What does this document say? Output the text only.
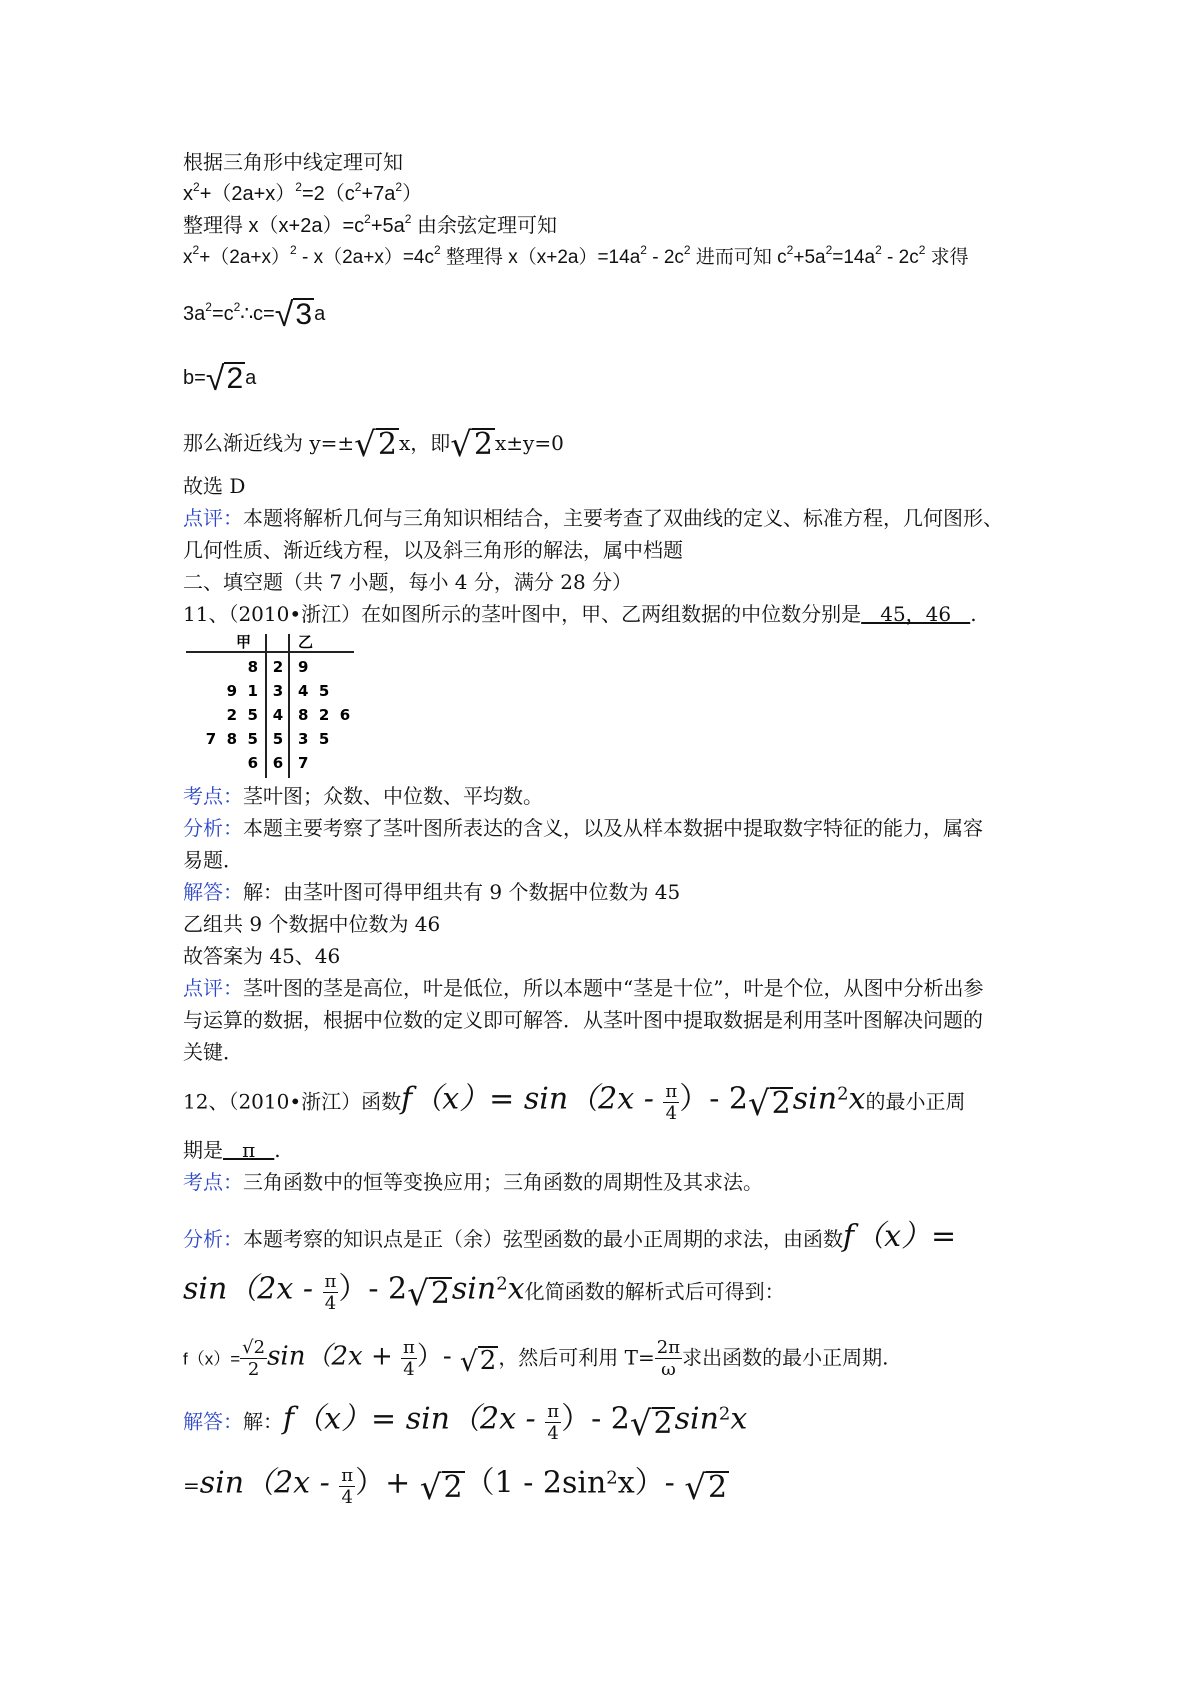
根据三角形中线定理可知
$x^2+(2a+x)^2=2(c^2+7a^2)$
整理得 $x(x+2a)=c^2+5a^2$ 由余弦定理可知
$x^2+(2a+x)^2 - x(2a+x)=4c^2$ 整理得 $x(x+2a)=14a^2 - 2c^2$ 进而可知 $c^2+5a^2=14a^2 - 2c^2$ 求得
$3a^2=c^2\therefore c=√3$ a
b=√2 a
那么渐近线为 y=±√2 x，即√2 x±y=0
故选 D
点评：本题将解析几何与三角知识相结合，主要考查了双曲线的定义、标准方程，几何图形、
几何性质、渐近线方程，以及斜三角形的解法，属中档题
二、填空题（共 7 小题，每小 4 分，满分 28 分）
11、（2010•浙江）在如图所示的茎叶图中，甲、乙两组数据的中位数分别是   45，46   .
甲	乙
8 2 9
9  1 3 4  5
2  5 4 8  2  6
7  8  5 5 3  5
6 6 7
考点：茎叶图；众数、中位数、平均数。
分析：本题主要考察了茎叶图所表达的含义，以及从样本数据中提取数字特征的能力，属容
易题．
解答：解：由茎叶图可得甲组共有 9 个数据中位数为 45
乙组共 9 个数据中位数为 46
故答案为 45、46
点评：茎叶图的茎是高位，叶是低位，所以本题中“茎是十位”，叶是个位，从图中分析出参
与运算的数据，根据中位数的定义即可解答．从茎叶图中提取数据是利用茎叶图解决问题的
关键．
12、（2010•浙江）函数$f(x)= \sin(2x - \frac{\pi}{4}$ ）- $2√2\sin^2x$的最小正周
期是   π   .
考点：三角函数中的恒等变换应用；三角函数的周期性及其求法。
分析：本题考察的知识点是正（余）弦型函数的最小正周期的求法，由函数f（x）=
$\sin(2x - \frac{\pi}{4}$ ）- $2√2\sin^2x$化简函数的解析式后可得到：
$f(x)= \frac{√2}{2} \sin(2x + \frac{\pi}{4}$ ）- √2 ，然后可利用 $T= \frac{2\pi}{\omega}$ 求出函数的最小正周期.
解答：解：$f(x)= \sin(2x - \frac{\pi}{4}$ ）- $2√2\sin^2x$
$=\sin(2x - \frac{\pi}{4}$ ）+ $√2(1 - 2\sin^2x)-$ √2
